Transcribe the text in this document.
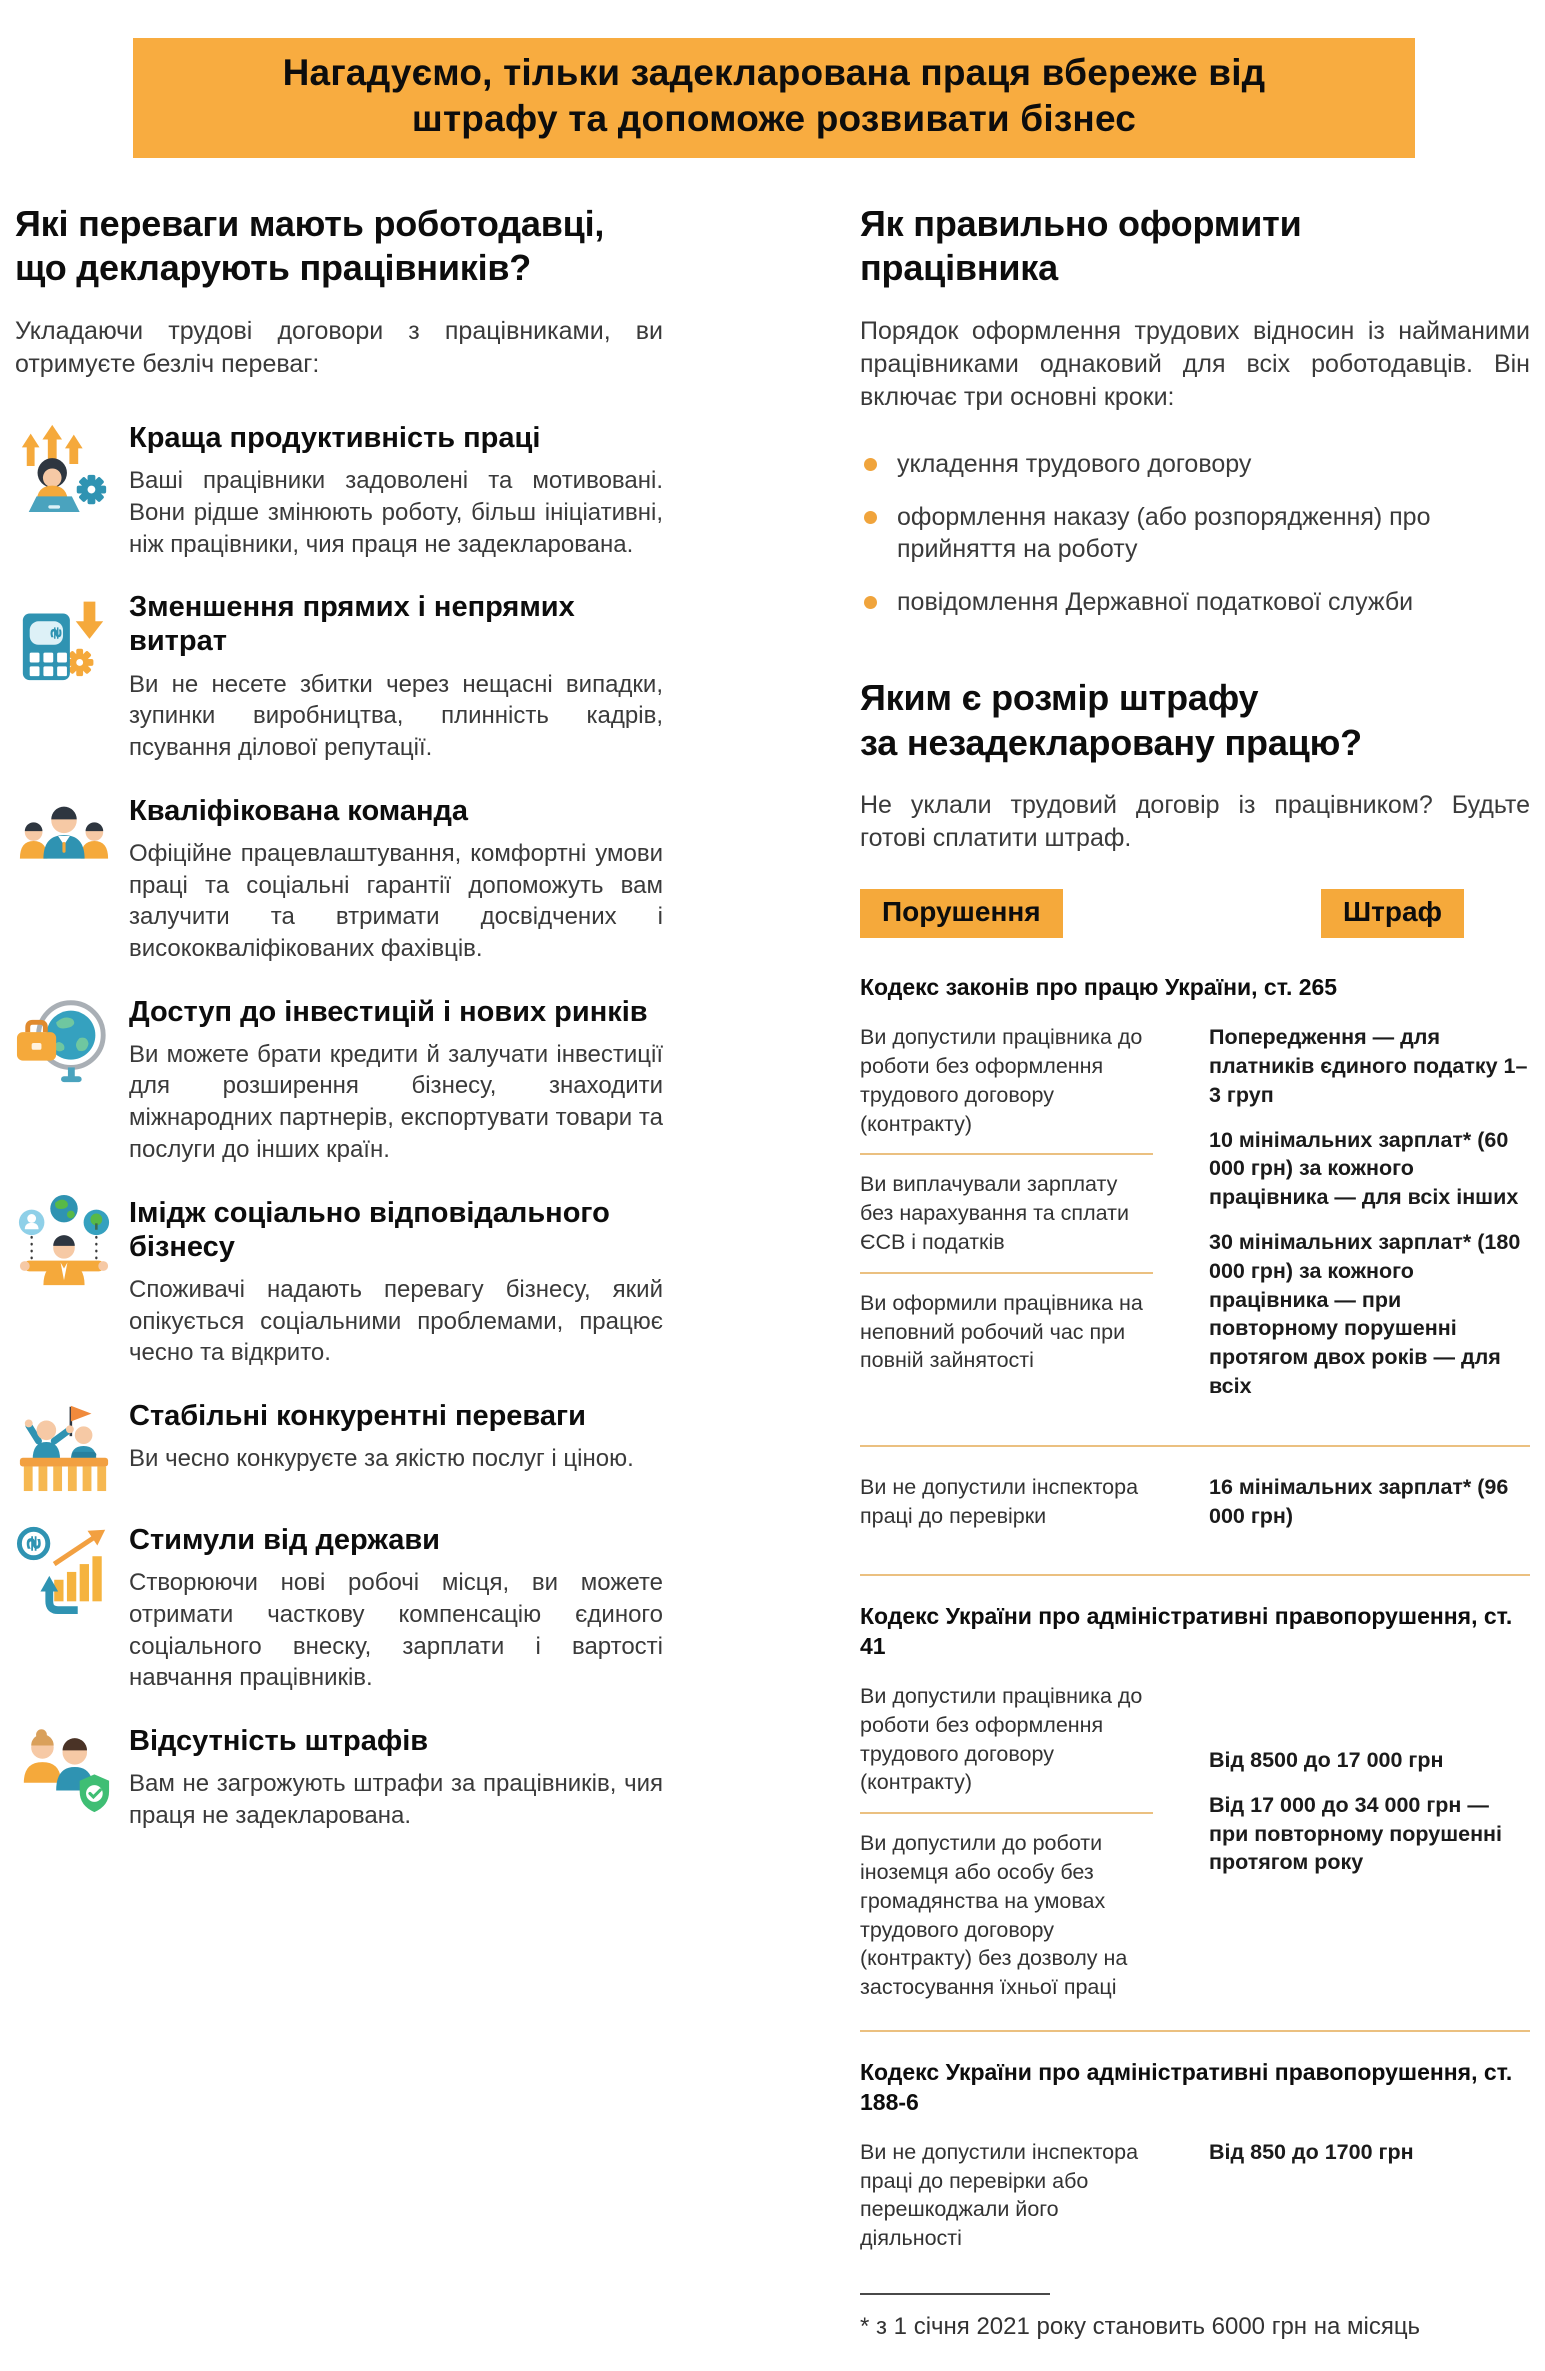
Нагадуємо, тільки задекларована праця вбереже від
штрафу та допоможе розвивати бізнес
Які переваги мають роботодавці,
що декларують працівників?

Укладаючи трудові договори з працівниками, ви отримуєте безліч переваг:

Краща продуктивність праці

Ваші працівники задоволені та мотивовані. Вони рідше змінюють роботу, більш ініціативні, ніж працівники, чия праця не задекларована.

₴
Зменшення прямих і непрямих витрат

Ви не несете збитки через нещасні випадки, зупинки виробництва, плинність кадрів, псування ділової репутації.

Кваліфікована команда

Офіційне працевлаштування, комфортні умови праці та соціальні гарантії допоможуть вам залучити та втримати досвідчених і висококваліфікованих фахівців.

Доступ до інвестицій і нових ринків

Ви можете брати кредити й залучати інвестиції для розширення бізнесу, знаходити міжнародних партнерів, експортувати товари та послуги до інших країн.

Імідж соціально відповідального бізнесу

Споживачі надають перевагу бізнесу, який опікується соціальними проблемами, працює чесно та відкрито.

Стабільні конкурентні переваги

Ви чесно конкуруєте за якістю послуг і ціною.

₴	Стимули від держави

Створюючи нові робочі місця, ви можете отримати часткову компенсацію єдиного соціального внеску, зарплати і вартості навчання працівників.

Відсутність штрафів

Вам не загрожують штрафи за працівників, чия праця не задекларована.

Як правильно оформити
працівника

Порядок оформлення трудових відносин із найманими працівниками однаковий для всіх роботодавців. Він включає три основні кроки:

укладення трудового договору
оформлення наказу (або розпорядження) про прийняття на роботу
повідомлення Державної податкової служби
Яким є розмір штрафу
за незадекларовану працю?

Не уклали трудовий договір із працівником? Будьте готові сплатити штраф.

Порушення	Штраф
Кодекс законів про працю України, ст. 265
Ви допустили працівника до роботи без оформлення трудового договору (контракту)
Ви виплачували зарплату без нарахування та сплати ЄСВ і податків
Ви оформили працівника на неповний робочий час при повній зайнятості

Попередження — для платників єдиного податку 1–3 груп

10 мінімальних зарплат* (60 000 грн) за кожного працівника — для всіх інших

30 мінімальних зарплат* (180 000 грн) за кожного працівника — при повторному порушенні протягом двох років — для всіх

Ви не допустили інспектора праці до перевірки

16 мінімальних зарплат* (96 000 грн)

Кодекс України про адміністративні правопорушення, ст. 41
Ви допустили працівника до роботи без оформлення трудового договору (контракту)
Ви допустили до роботи іноземця або особу без громадянства на умовах трудового договору (контракту) без дозволу на застосування їхньої праці

Від 8500 до 17 000 грн

Від 17 000 до 34 000 грн — при повторному порушенні протягом року

Кодекс України про адміністративні правопорушення, ст. 188-6
Ви не допустили інспектора праці до перевірки або перешкоджали його діяльності

Від 850 до 1700 грн

* з 1 січня 2021 року становить 6000 грн на місяць
